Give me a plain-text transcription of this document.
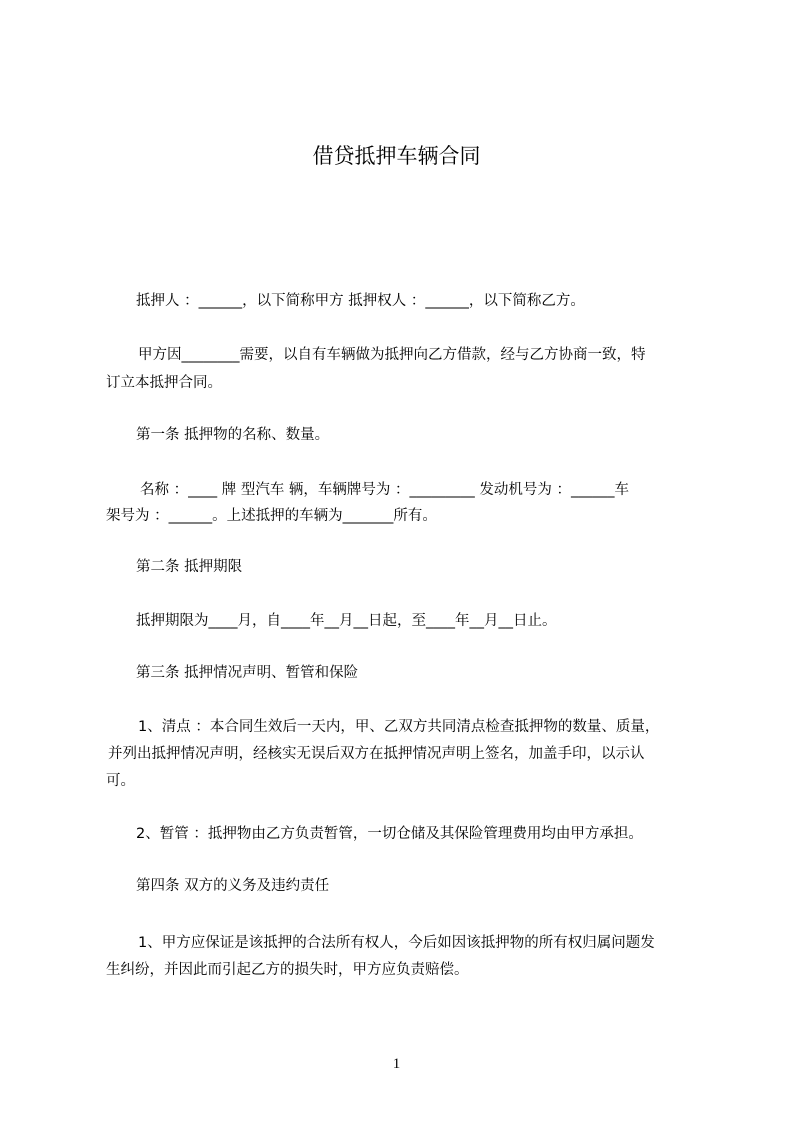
借贷抵押车辆合同

抵押人 ：______，以下简称甲方 抵押权人 ：______，以下简称乙方。

甲方因________需要，以自有车辆做为抵押向乙方借款，经与乙方协商一致，特

订立本抵押合同。

第一条 抵押物的名称、数量。

名称 ：____ 牌 型汽车 辆，车辆牌号为 ：_________ 发动机号为 ：______车

架号为 ：______。上述抵押的车辆为_______所有。

第二条 抵押期限

抵押期限为____月，自____年__月__日起，至____年__月__日止。

第三条 抵押情况声明、暂管和保险

1、清点 ：本合同生效后一天内，甲、乙双方共同清点检查抵押物的数量、质量，

并列出抵押情况声明，经核实无误后双方在抵押情况声明上签名，加盖手印，以示认

可。

2、暂管 ：抵押物由乙方负责暂管，一切仓储及其保险管理费用均由甲方承担。

第四条 双方的义务及违约责任

1、甲方应保证是该抵押的合法所有权人，今后如因该抵押物的所有权归属问题发

生纠纷，并因此而引起乙方的损失时，甲方应负责赔偿。

1
